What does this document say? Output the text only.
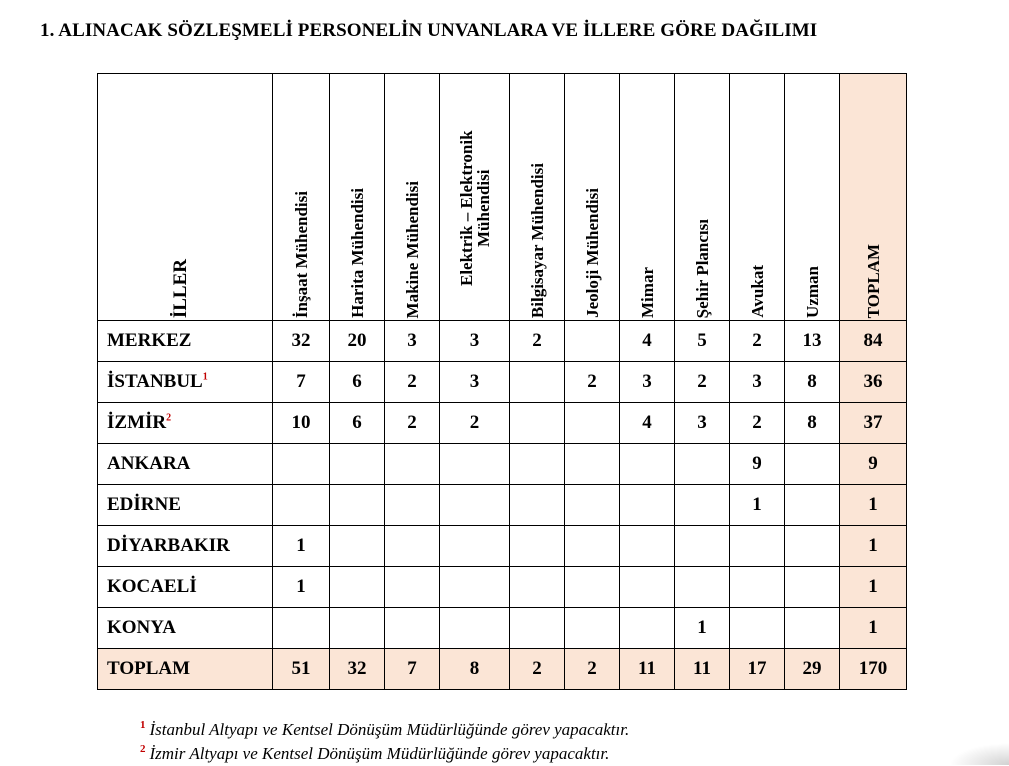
1. ALINACAK SÖZLEŞMELİ PERSONELİN UNVANLARA VE İLLERE GÖRE DAĞILIMI
İLLER	İnşaat Mühendisi	Harita Mühendisi	Makine Mühendisi	Elektrik – Elektronik Mühendisi	Bilgisayar Mühendisi	Jeoloji Mühendisi	Mimar	Şehir Plancısı	Avukat	Uzman	TOPLAM

MERKEZ	32	20	3	3	2		4	5	2	13	84
İSTANBUL$^1$	7	6	2	3		2	3	2	3	8	36
İZMİR$^2$	10	6	2	2			4	3	2	8	37
ANKARA									9		9
EDİRNE									1		1
DİYARBAKIR	1										1
KOCAELİ	1										1
KONYA								1			1
TOPLAM	51	32	7	8	2	2	11	11	17	29	170
$^1$ İstanbul Altyapı ve Kentsel Dönüşüm Müdürlüğünde görev yapacaktır.
$^2$ İzmir Altyapı ve Kentsel Dönüşüm Müdürlüğünde görev yapacaktır.
